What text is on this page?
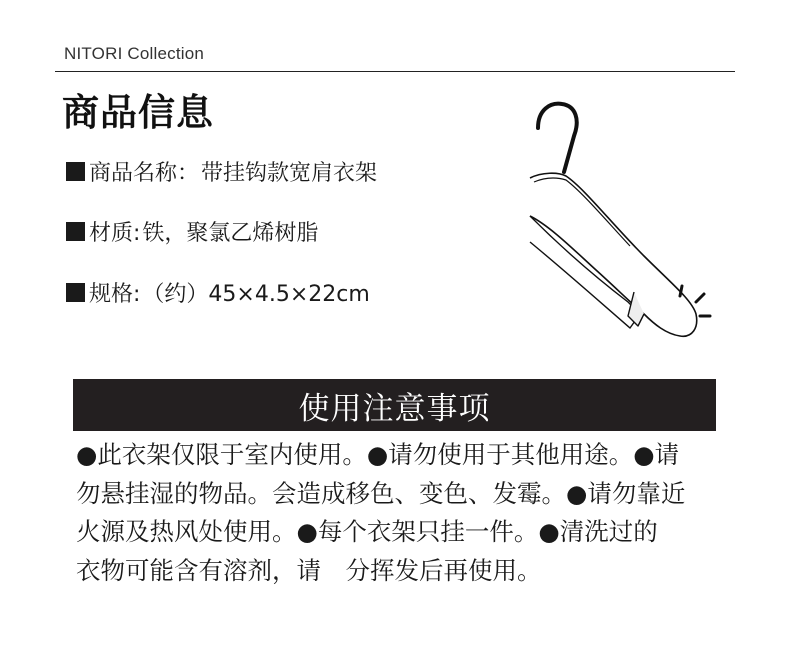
NITORI Collection
商品信息
商品名称： 带挂钩款宽肩衣架
材质: 铁，聚氯乙烯树脂
规格: （约）45×4.5×22cm
使用注意事项
●此衣架仅限于室内使用。●请勿使用于其他用途。●请
勿悬挂湿的物品。会造成移色、变色、发霉。●请勿靠近
火源及热风处使用。●每个衣架只挂一件。●清洗过的
衣物可能含有溶剂，请　分挥发后再使用。
